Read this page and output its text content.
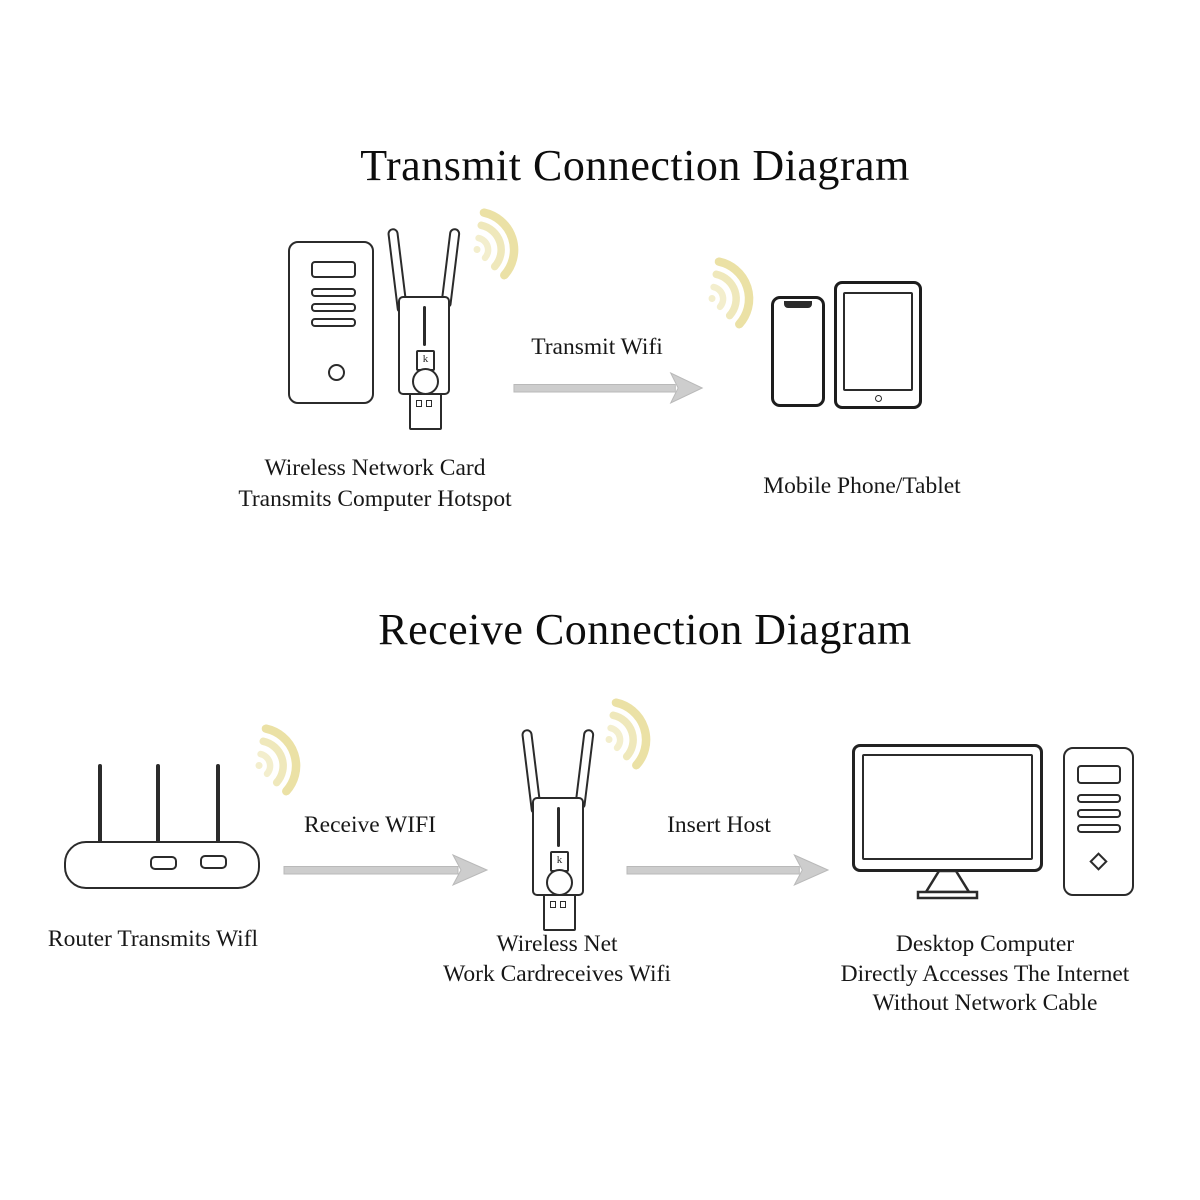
Transmit Connection Diagram
k	Transmit Wifi
Wireless Network Card
Transmits Computer Hotspot	Mobile Phone/Tablet
Receive Connection Diagram
Receive WIFI
k
Insert Host
Router Transmits Wifl	Wireless Net
Work Cardreceives Wifi
Desktop Computer
Directly Accesses The Internet
Without Network Cable
